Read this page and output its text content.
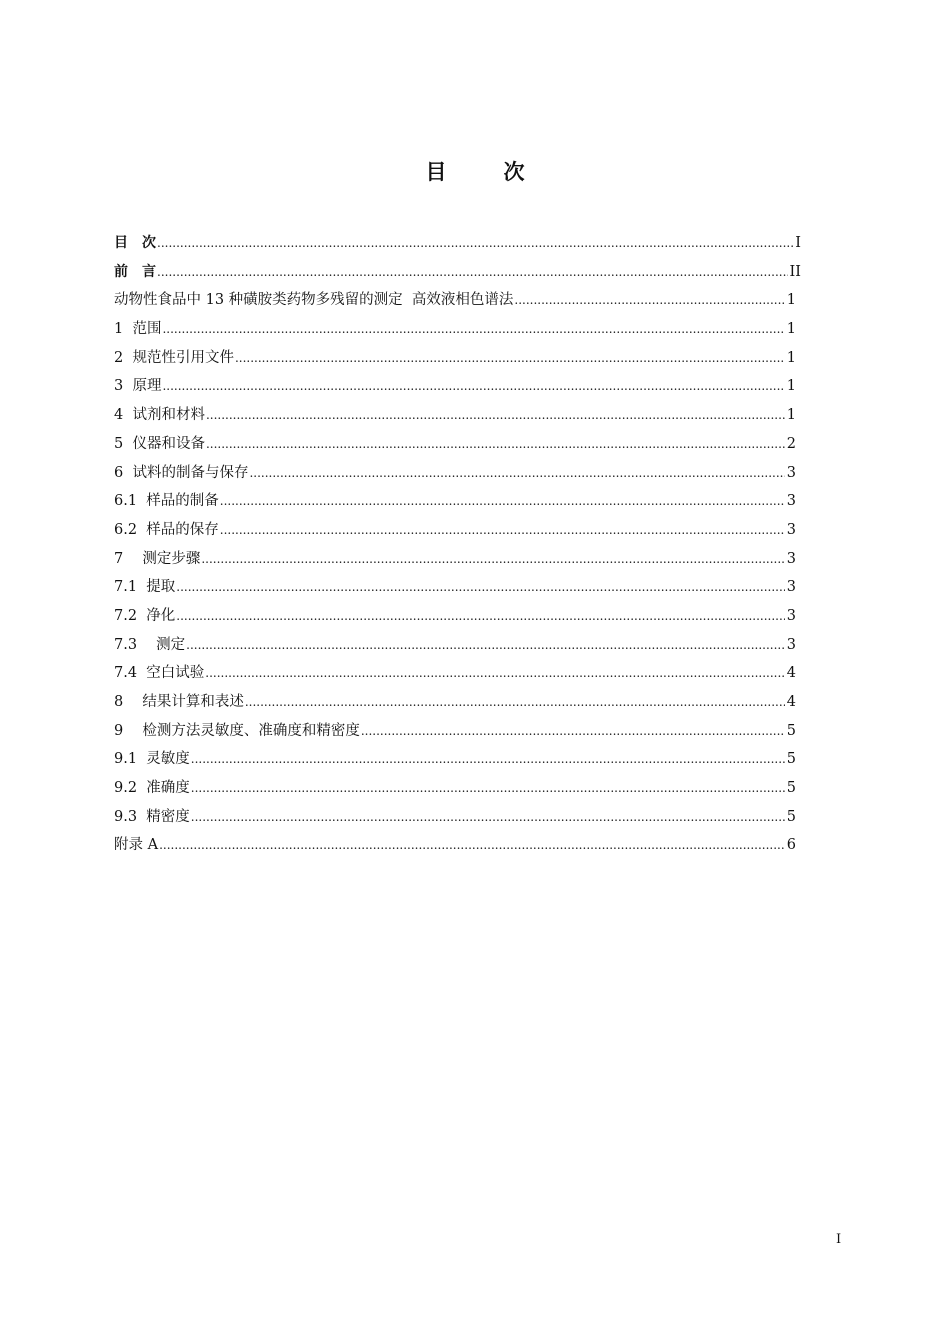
目　次
目　次 .....	I
前　言 .....	II
动物性食品中 13 种磺胺类药物多残留的测定  高效液相色谱法 .....	1
1  范围 .....	1
2  规范性引用文件 .....	1
3  原理 .....	1
4  试剂和材料 .....	1
5  仪器和设备 .....	2
6  试料的制备与保存 .....	3
6.1  样品的制备 .....	3
6.2  样品的保存 .....	3
7　 测定步骤 .....	3
7.1  提取 .....	3
7.2  净化 .....	3
7.3　 测定 .....	3
7.4  空白试验 .....	4
8　 结果计算和表述 .....	4
9　 检测方法灵敏度、准确度和精密度 .....	5
9.1  灵敏度 .....	5
9.2  准确度 .....	5
9.3  精密度 .....	5
附录 A .....	6
I
